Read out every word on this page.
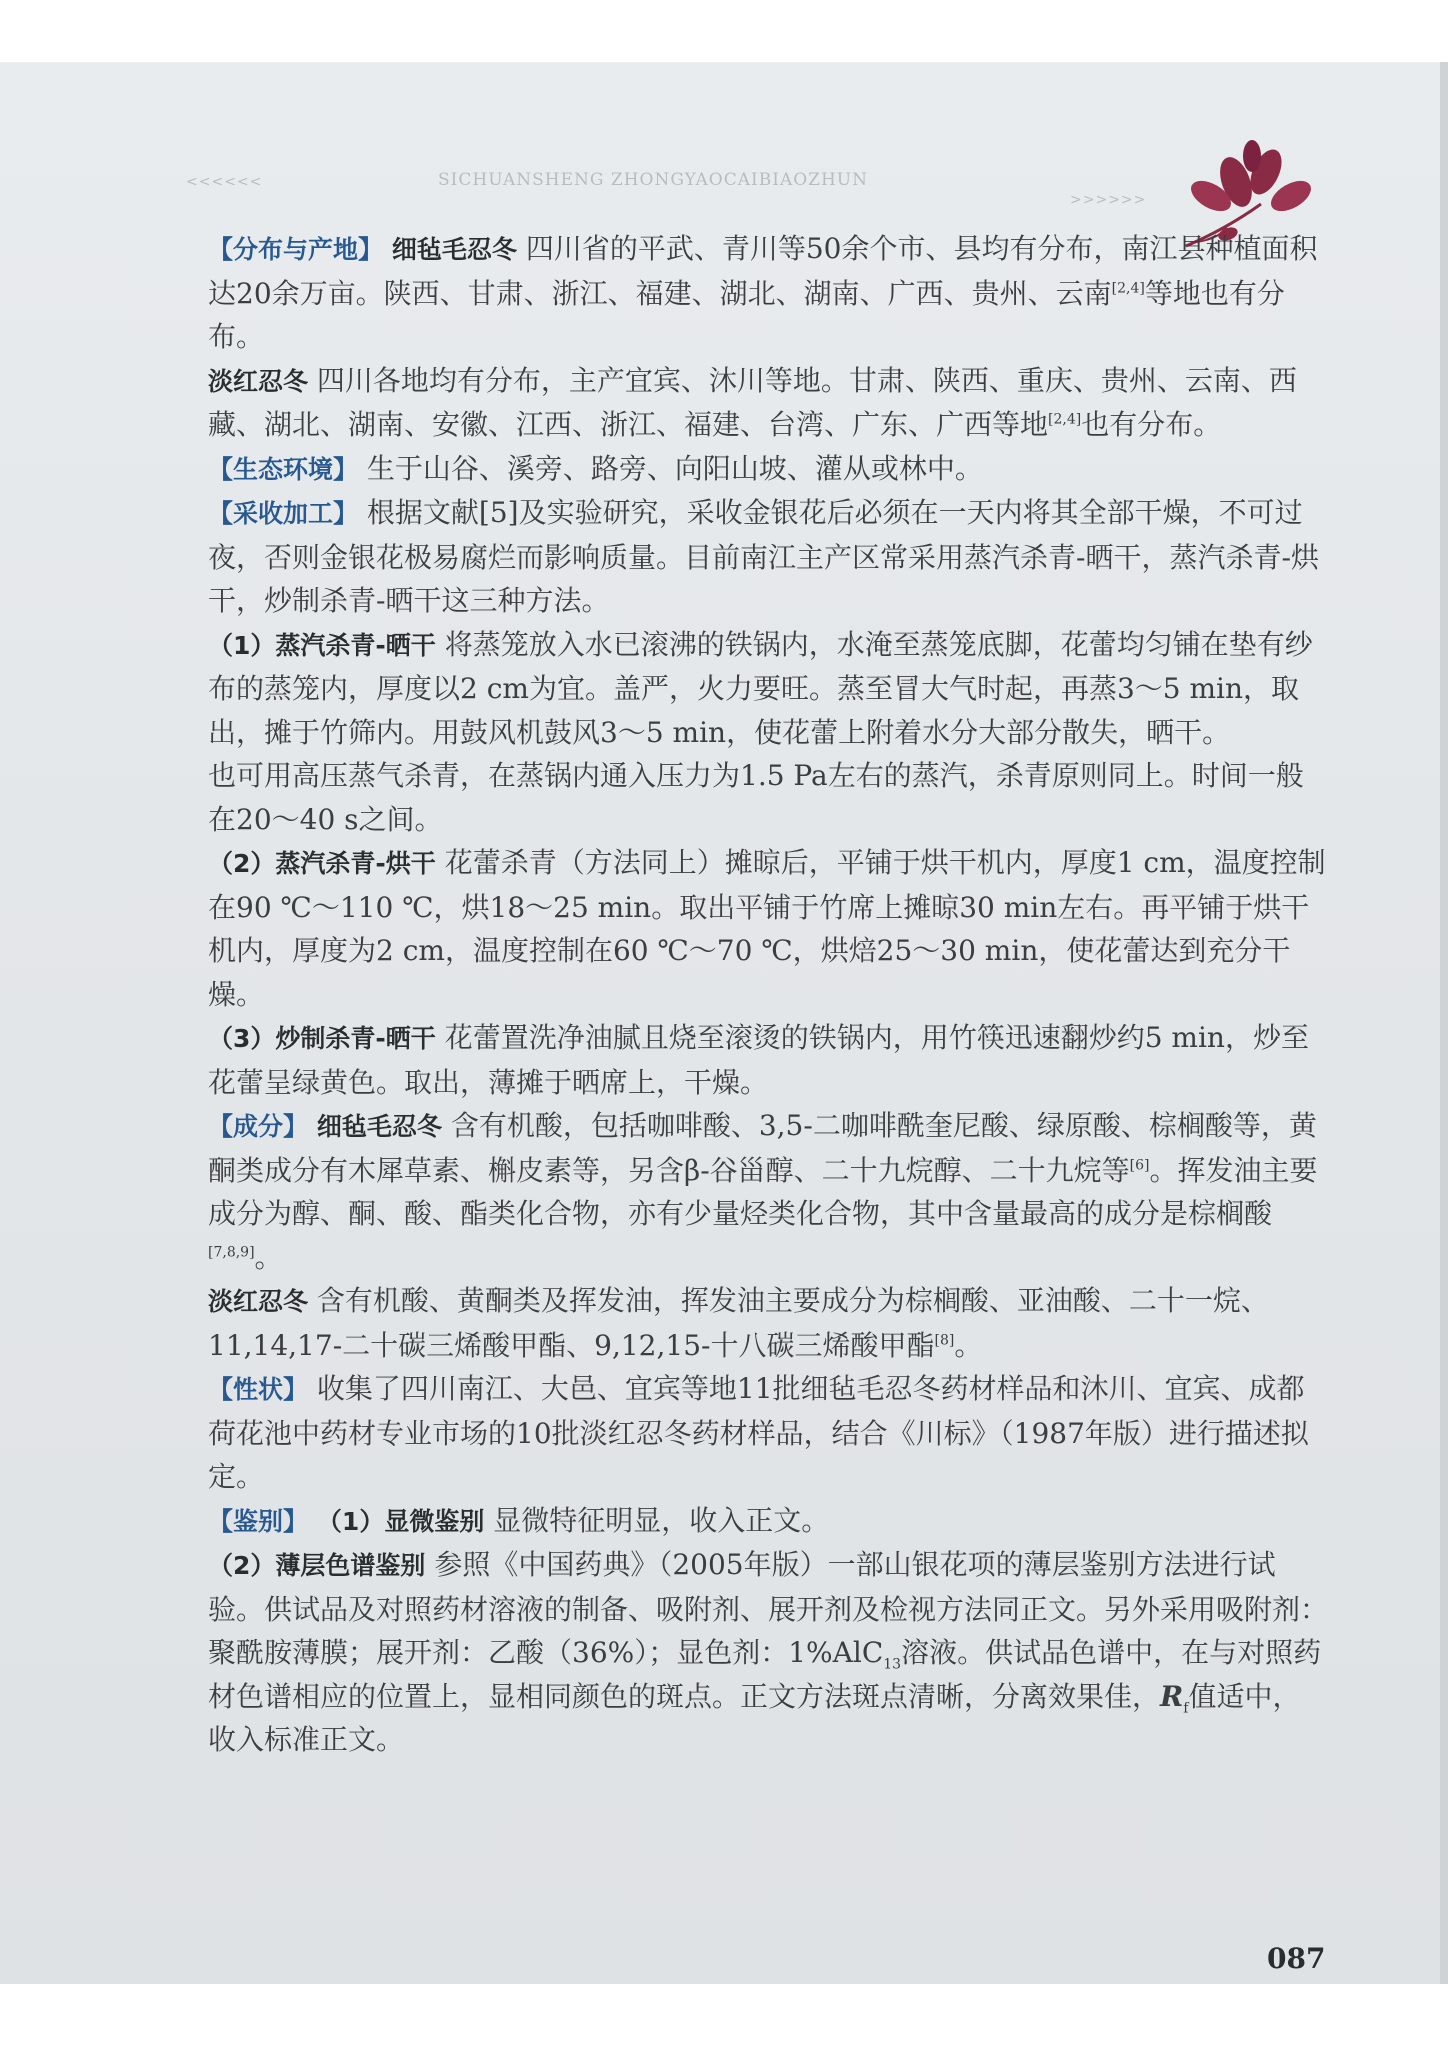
<<<<<<	SICHUANSHENG ZHONGYAOCAIBIAOZHUN
>>>>>>

【分布与产地】 细毡毛忍冬 四川省的平武、青川等50余个市、县均有分布，南江县种植面积达20余万亩。陕西、甘肃、浙江、福建、湖北、湖南、广西、贵州、云南[2,4]等地也有分布。

淡红忍冬 四川各地均有分布，主产宜宾、沐川等地。甘肃、陕西、重庆、贵州、云南、西藏、湖北、湖南、安徽、江西、浙江、福建、台湾、广东、广西等地[2,4]也有分布。

【生态环境】 生于山谷、溪旁、路旁、向阳山坡、灌从或林中。

【采收加工】 根据文献[5]及实验研究，采收金银花后必须在一天内将其全部干燥，不可过夜，否则金银花极易腐烂而影响质量。目前南江主产区常采用蒸汽杀青-晒干，蒸汽杀青-烘干，炒制杀青-晒干这三种方法。

（1）蒸汽杀青-晒干 将蒸笼放入水已滚沸的铁锅内，水淹至蒸笼底脚，花蕾均匀铺在垫有纱布的蒸笼内，厚度以2 cm为宜。盖严，火力要旺。蒸至冒大气时起，再蒸3～5 min，取出，摊于竹筛内。用鼓风机鼓风3～5 min，使花蕾上附着水分大部分散失，晒干。

也可用高压蒸气杀青，在蒸锅内通入压力为1.5 Pa左右的蒸汽，杀青原则同上。时间一般在20～40 s之间。

（2）蒸汽杀青-烘干 花蕾杀青（方法同上）摊晾后，平铺于烘干机内，厚度1 cm，温度控制在90 ℃～110 ℃，烘18～25 min。取出平铺于竹席上摊晾30 min左右。再平铺于烘干机内，厚度为2 cm，温度控制在60 ℃～70 ℃，烘焙25～30 min，使花蕾达到充分干燥。

（3）炒制杀青-晒干 花蕾置洗净油腻且烧至滚烫的铁锅内，用竹筷迅速翻炒约5 min，炒至花蕾呈绿黄色。取出，薄摊于晒席上，干燥。

【成分】 细毡毛忍冬 含有机酸，包括咖啡酸、3,5-二咖啡酰奎尼酸、绿原酸、棕榈酸等，黄酮类成分有木犀草素、槲皮素等，另含β-谷甾醇、二十九烷醇、二十九烷等[6]。挥发油主要成分为醇、酮、酸、酯类化合物，亦有少量烃类化合物，其中含量最高的成分是棕榈酸[7,8,9]。

淡红忍冬 含有机酸、黄酮类及挥发油，挥发油主要成分为棕榈酸、亚油酸、二十一烷、11,14,17-二十碳三烯酸甲酯、9,12,15-十八碳三烯酸甲酯[8]。

【性状】 收集了四川南江、大邑、宜宾等地11批细毡毛忍冬药材样品和沐川、宜宾、成都荷花池中药材专业市场的10批淡红忍冬药材样品，结合《川标》（1987年版）进行描述拟定。

【鉴别】 （1）显微鉴别 显微特征明显，收入正文。

（2）薄层色谱鉴别 参照《中国药典》（2005年版）一部山银花项的薄层鉴别方法进行试验。供试品及对照药材溶液的制备、吸附剂、展开剂及检视方法同正文。另外采用吸附剂：聚酰胺薄膜；展开剂：乙酸（36%）；显色剂：1%AlC$_{13}$溶液。供试品色谱中，在与对照药材色谱相应的位置上，显相同颜色的斑点。正文方法斑点清晰，分离效果佳，$R_f$值适中，收入标准正文。

087
